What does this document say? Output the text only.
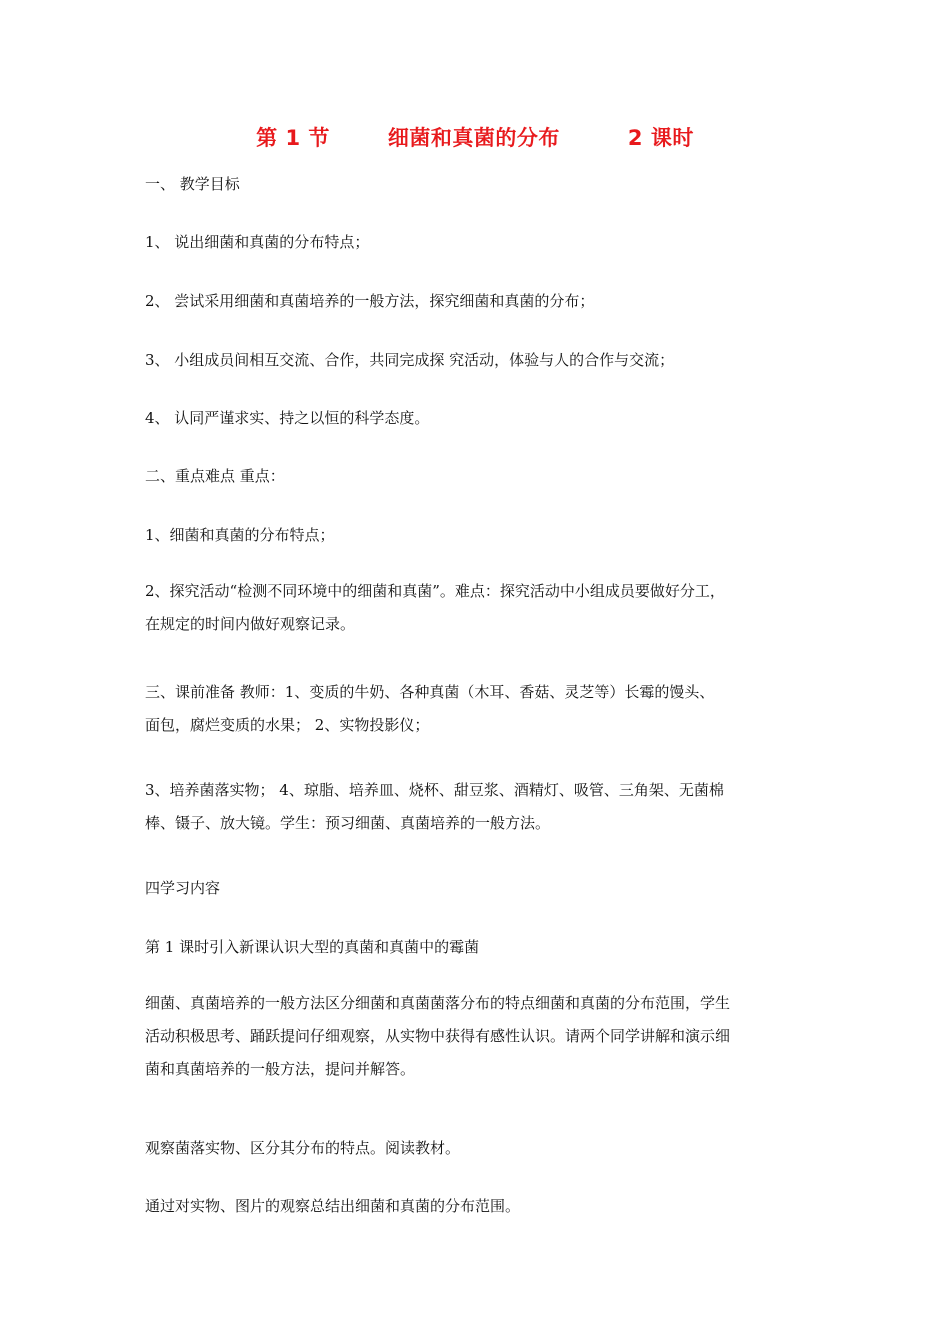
第 1 节	细菌和真菌的分布	2 课时
一、 教学目标
1、 说出细菌和真菌的分布特点；
2、 尝试采用细菌和真菌培养的一般方法，探究细菌和真菌的分布；
3、 小组成员间相互交流、合作，共同完成探 究活动，体验与人的合作与交流；
4、 认同严谨求实、持之以恒的科学态度。
二、重点难点 重点：
1、细菌和真菌的分布特点；
2、探究活动“检测不同环境中的细菌和真菌”。难点：探究活动中小组成员要做好分工，
在规定的时间内做好观察记录。
三、课前准备 教师：1、变质的牛奶、各种真菌（木耳、香菇、灵芝等）长霉的馒头、
面包，腐烂变质的水果； 2、实物投影仪；
3、培养菌落实物； 4、琼脂、培养皿、烧杯、甜豆浆、酒精灯、吸管、三角架、无菌棉
棒、镊子、放大镜。学生：预习细菌、真菌培养的一般方法。
四学习内容
第 1 课时引入新课认识大型的真菌和真菌中的霉菌
细菌、真菌培养的一般方法区分细菌和真菌菌落分布的特点细菌和真菌的分布范围，学生
活动积极思考、踊跃提问仔细观察，从实物中获得有感性认识。请两个同学讲解和演示细
菌和真菌培养的一般方法，提问并解答。
观察菌落实物、区分其分布的特点。阅读教材。
通过对实物、图片的观察总结出细菌和真菌的分布范围。
